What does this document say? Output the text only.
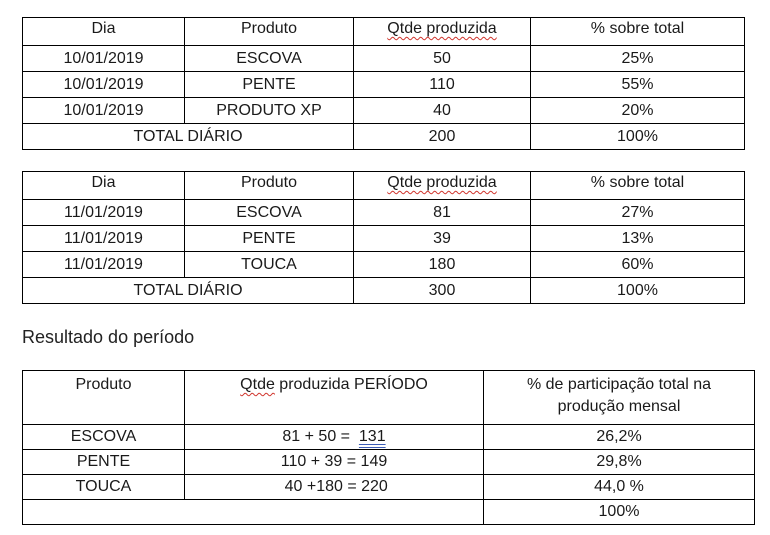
Dia	Produto	Qtde produzida	% sobre total
10/01/2019	ESCOVA	50	25%
10/01/2019	PENTE	110	55%
10/01/2019	PRODUTO XP	40	20%
TOTAL DIÁRIO		200	100%
Dia	Produto	Qtde produzida	% sobre total
11/01/2019	ESCOVA	81	27%
11/01/2019	PENTE	39	13%
11/01/2019	TOUCA	180	60%
TOTAL DIÁRIO		300	100%
Resultado do período
Produto	Qtde produzida PERÍODO	% de participação total na
produção mensal
ESCOVA	81 + 50 =  131	26,2%
PENTE	110 + 39 = 149	29,8%
TOUCA	40 +180 = 220	44,0 %
		100%
